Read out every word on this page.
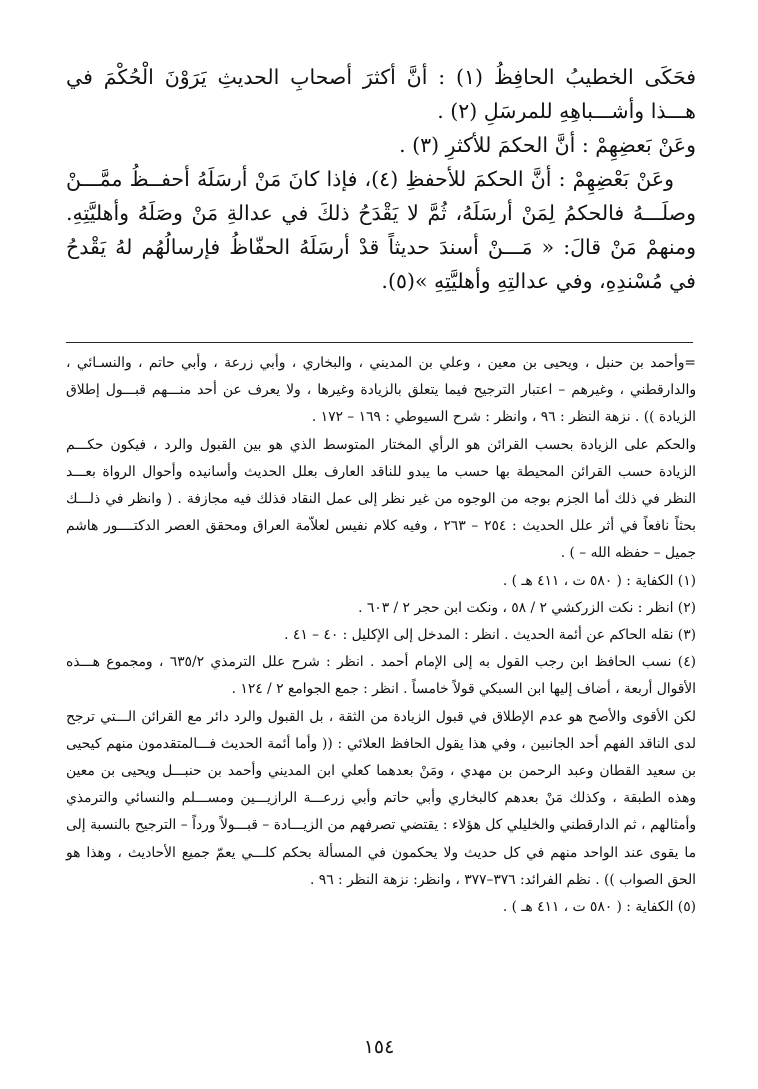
فحَكَى الخطيبُ الحافِظُ (١) : أنَّ أكثرَ أصحابِ الحديثِ يَرَوْنَ الْحُكْمَ في هـــذا وأشـــباهِهِ للمرسَلِ (٢) .

وعَنْ بَعضِهِمْ : أنَّ الحكمَ للأكثرِ (٣) .

وعَنْ بَعْضِهِمْ : أنَّ الحكمَ للأحفظِ (٤)، فإذا كانَ مَنْ أرسَلَهُ أحفــظُ ممَّـــنْ وصلَـــهُ فالحكمُ لِمَنْ أرسَلَهُ، ثُمَّ لا يَقْدَحُ ذلكَ في عدالةِ مَنْ وصَلَهُ وأهليَّتِهِ. ومنهمْ مَنْ قالَ: « مَـــنْ أسندَ حديثاً قدْ أرسَلَهُ الحفّاظُ فإرسالُهُم لهُ يَقْدحُ في مُسْندِهِ، وفي عدالتِهِ وأهليَّتِهِ »(٥).

=وأحمد بن حنبل ، ويحيى بن معين ، وعلي بن المديني ، والبخاري ، وأبي زرعة ، وأبي حاتم ، والنسـائي ، والدارقطني ، وغيرهم – اعتبار الترجيح فيما يتعلق بالزيادة وغيرها ، ولا يعرف عن أحد منـــهم قبـــول إطلاق الزيادة )) . نزهة النظر : ٩٦ ، وانظر : شرح السيوطي : ١٦٩ – ١٧٢ .

والحكم على الزيادة بحسب القرائن هو الرأي المختار المتوسط الذي هو بين القبول والرد ، فيكون حكـــم الزيادة حسب القرائن المحيطة بها حسب ما يبدو للناقد العارف بعلل الحديث وأسانيده وأحوال الرواة بعـــد النظر في ذلك أما الجزم بوجه من الوجوه من غير نظر إلى عمل النقاد فذلك فيه مجازفة . ( وانظر في ذلـــك بحثاً نافعاً في أثر علل الحديث : ٢٥٤ – ٢٦٣ ، وفيه كلام نفيس لعلاّمة العراق ومحقق العصر الدكتــــور هاشم جميل – حفظه الله – ) .

(١) الكفاية : ( ٥٨٠ ت ، ٤١١ هـ ) .

(٢) انظر : نكت الزركشي ٢ / ٥٨ ، ونكت ابن حجر ٢ / ٦٠٣ .

(٣) نقله الحاكم عن أئمة الحديث . انظر : المدخل إلى الإكليل : ٤٠ – ٤١ .

(٤) نسب الحافظ ابن رجب القول به إلى الإمام أحمد . انظر : شرح علل الترمذي ٦٣٥/٢ ، ومجموع هـــذه الأقوال أربعة ، أضاف إليها ابن السبكي قولاً خامساً . انظر : جمع الجوامع ٢ / ١٢٤ .

لكن الأقوى والأصح هو عدم الإطلاق في قبول الزيادة من الثقة ، بل القبول والرد دائر مع القرائن الـــتي ترجح لدى الناقد الفهم أحد الجانبين ، وفي هذا يقول الحافظ العلائي : (( وأما أئمة الحديث فـــالمتقدمون منهم كيحيى بن سعيد القطان وعبد الرحمن بن مهدي ، ومَنْ بعدهما كعلي ابن المديني وأحمد بن حنبـــل ويحيى بن معين وهذه الطبقة ، وكذلك مَنْ بعدهم كالبخاري وأبي حاتم وأبي زرعـــة الرازيـــين ومســـلم والنسائي والترمذي وأمثالهم ، ثم الدارقطني والخليلي كل هؤلاء : يقتضي تصرفهم من الزيـــادة – قبـــولاً ورداً – الترجيح بالنسبة إلى ما يقوى عند الواحد منهم في كل حديث ولا يحكمون في المسألة بحكم كلـــي يعمّ جميع الأحاديث ، وهذا هو الحق الصواب )) . نظم الفرائد: ٣٧٦–٣٧٧ ، وانظر: نزهة النظر : ٩٦ .

(٥) الكفاية : ( ٥٨٠ ت ، ٤١١ هـ ) .

١٥٤
